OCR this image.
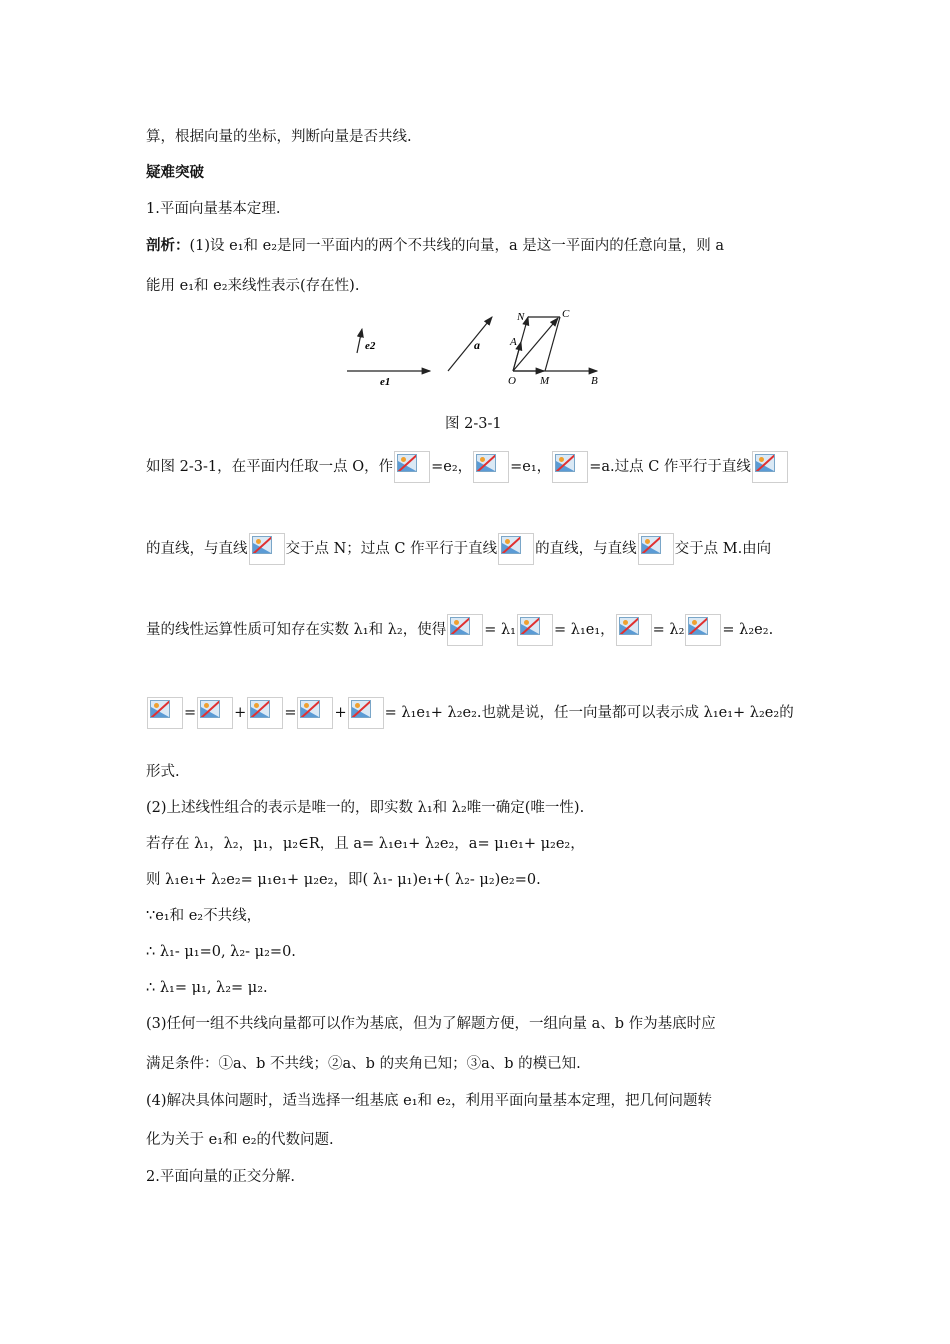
算，根据向量的坐标，判断向量是否共线.
疑难突破
1.平面向量基本定理.
剖析：(1)设 e₁和 e₂是同一平面内的两个不共线的向量，a 是这一平面内的任意向量，则 a
能用 e₁和 e₂来线性表示(存在性).
e2
e1
a
N	C
A
O M	B
图 2-3-1
如图 2-3-1，在平面内任取一点 O，作	=e₂，	=e₁，	=a.过点 C 作平行于直线
的直线，与直线	交于点 N；过点 C 作平行于直线	的直线，与直线	交于点 M.由向
量的线性运算性质可知存在实数 λ₁和 λ₂，使得	= λ₁	= λ₁e₁，	= λ₂	= λ₂e₂.
=	+	=	+	= λ₁e₁+ λ₂e₂.也就是说，任一向量都可以表示成 λ₁e₁+ λ₂e₂的
形式.
(2)上述线性组合的表示是唯一的，即实数 λ₁和 λ₂唯一确定(唯一性).
若存在 λ₁，λ₂，μ₁，μ₂∈R，且 a= λ₁e₁+ λ₂e₂，a= μ₁e₁+ μ₂e₂，
则 λ₁e₁+ λ₂e₂= μ₁e₁+ μ₂e₂，即( λ₁- μ₁)e₁+( λ₂- μ₂)e₂=0.
∵e₁和 e₂不共线，
∴ λ₁- μ₁=0, λ₂- μ₂=0.
∴ λ₁= μ₁, λ₂= μ₂.
(3)任何一组不共线向量都可以作为基底，但为了解题方便，一组向量 a、b 作为基底时应
满足条件：①a、b 不共线；②a、b 的夹角已知；③a、b 的模已知.
(4)解决具体问题时，适当选择一组基底 e₁和 e₂，利用平面向量基本定理，把几何问题转
化为关于 e₁和 e₂的代数问题.
2.平面向量的正交分解.
